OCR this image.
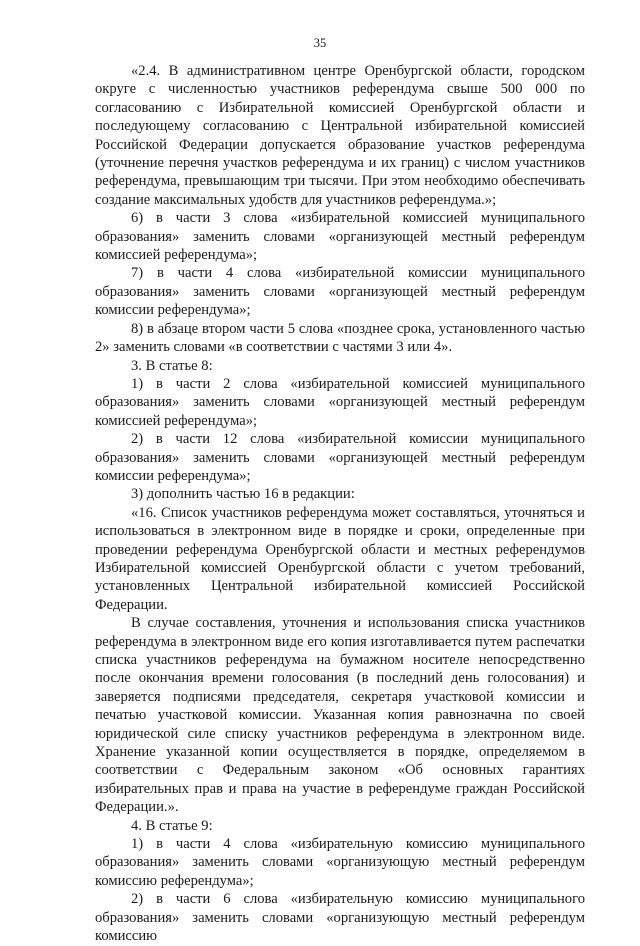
35

«2.4. В административном центре Оренбургской области, городском округе с численностью участников референдума свыше 500 000 по согласованию с Избирательной комиссией Оренбургской области и последующему согласованию с Центральной избирательной комиссией Российской Федерации допускается образование участков референдума (уточнение перечня участков референдума и их границ) с числом участников референдума, превышающим три тысячи. При этом необходимо обеспечивать создание максимальных удобств для участников референдума.»;

6) в части 3 слова «избирательной комиссией муниципального образования» заменить словами «организующей местный референдум комиссией референдума»;

7) в части 4 слова «избирательной комиссии муниципального образования» заменить словами «организующей местный референдум комиссии референдума»;

8) в абзаце втором части 5 слова «позднее срока, установленного частью 2» заменить словами «в соответствии с частями 3 или 4».

3. В статье 8:

1) в части 2 слова «избирательной комиссией муниципального образования» заменить словами «организующей местный референдум комиссией референдума»;

2) в части 12 слова «избирательной комиссии муниципального образования» заменить словами «организующей местный референдум комиссии референдума»;

3) дополнить частью 16 в редакции:

«16. Список участников референдума может составляться, уточняться и использоваться в электронном виде в порядке и сроки, определенные при проведении референдума Оренбургской области и местных референдумов Избирательной комиссией Оренбургской области с учетом требований, установленных Центральной избирательной комиссией Российской Федерации.

В случае составления, уточнения и использования списка участников референдума в электронном виде его копия изготавливается путем распечатки списка участников референдума на бумажном носителе непосредственно после окончания времени голосования (в последний день голосования) и заверяется подписями председателя, секретаря участковой комиссии и печатью участковой комиссии. Указанная копия равнозначна по своей юридической силе списку участников референдума в электронном виде. Хранение указанной копии осуществляется в порядке, определяемом в соответствии с Федеральным законом «Об основных гарантиях избирательных прав и права на участие в референдуме граждан Российской Федерации.».

4. В статье 9:

1) в части 4 слова «избирательную комиссию муниципального образования» заменить словами «организующую местный референдум комиссию референдума»;

2) в части 6 слова «избирательную комиссию муниципального образования» заменить словами «организующую местный референдум комиссию
